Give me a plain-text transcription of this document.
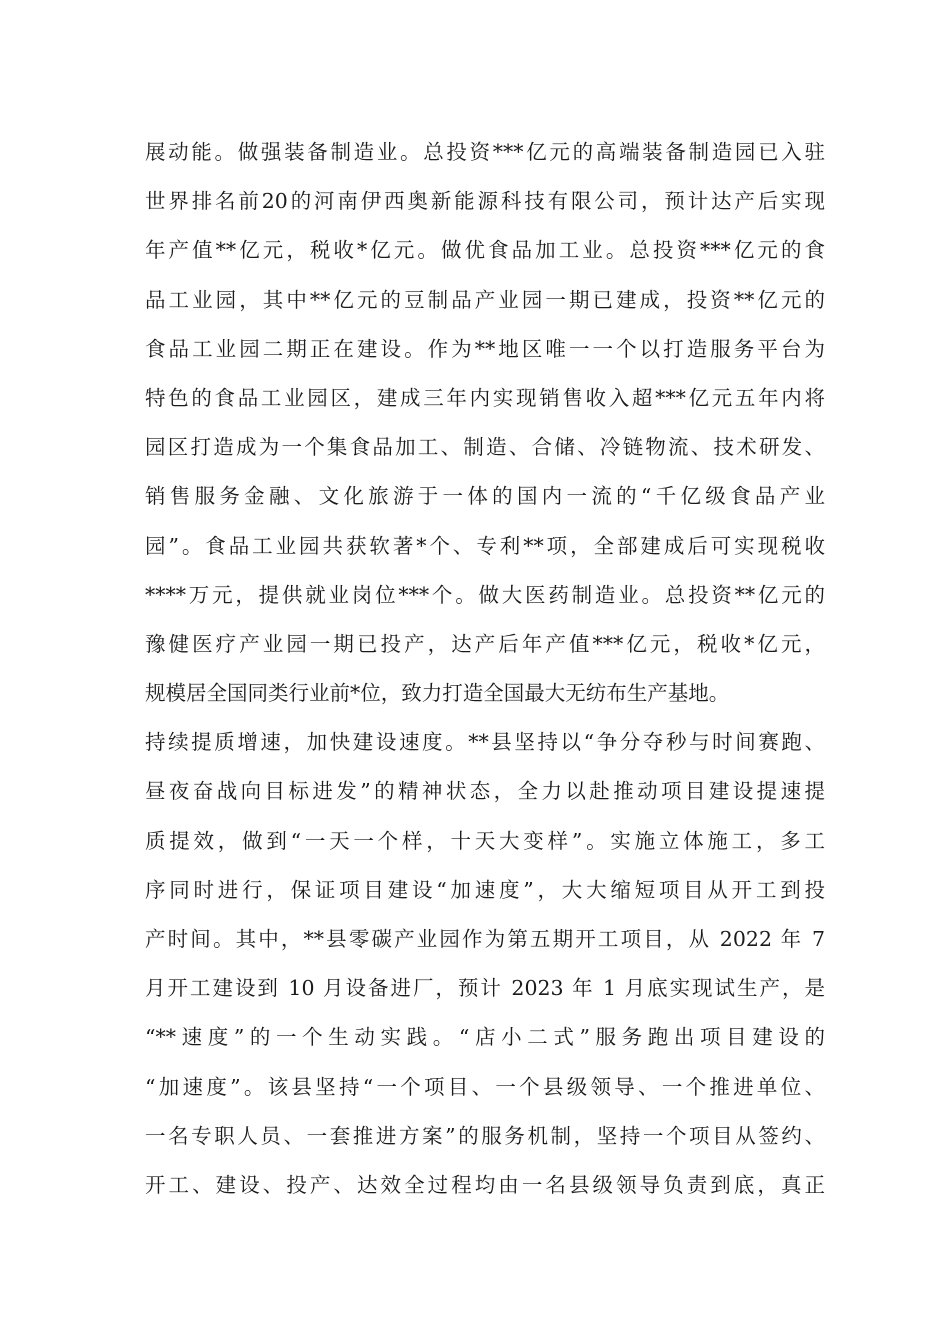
展动能。做强装备制造业。总投资***亿元的高端装备制造园已入驻
世界排名前20的河南伊西奥新能源科技有限公司，预计达产后实现
年产值**亿元，税收*亿元。做优食品加工业。总投资***亿元的食
品工业园，其中**亿元的豆制品产业园一期已建成，投资**亿元的
食品工业园二期正在建设。作为**地区唯一一个以打造服务平台为
特色的食品工业园区，建成三年内实现销售收入超***亿元五年内将
园区打造成为一个集食品加工、制造、合储、冷链物流、技术研发、
销售服务金融、文化旅游于一体的国内一流的“千亿级食品产业
园”。食品工业园共获软著*个、专利**项，全部建成后可实现税收
****万元，提供就业岗位***个。做大医药制造业。总投资**亿元的
豫健医疗产业园一期已投产，达产后年产值***亿元，税收*亿元，
规模居全国同类行业前*位，致力打造全国最大无纺布生产基地。
持续提质增速，加快建设速度。**县坚持以“争分夺秒与时间赛跑、
昼夜奋战向目标进发”的精神状态，全力以赴推动项目建设提速提
质提效，做到“一天一个样，十天大变样”。实施立体施工，多工
序同时进行，保证项目建设“加速度”，大大缩短项目从开工到投
产时间。其中，**县零碳产业园作为第五期开工项目，从 2022 年 7
月开工建设到 10 月设备进厂，预计 2023 年 1 月底实现试生产，是
“**速度”的一个生动实践。“店小二式”服务跑出项目建设的
“加速度”。该县坚持“一个项目、一个县级领导、一个推进单位、
一名专职人员、一套推进方案”的服务机制，坚持一个项目从签约、
开工、建设、投产、达效全过程均由一名县级领导负责到底，真正
